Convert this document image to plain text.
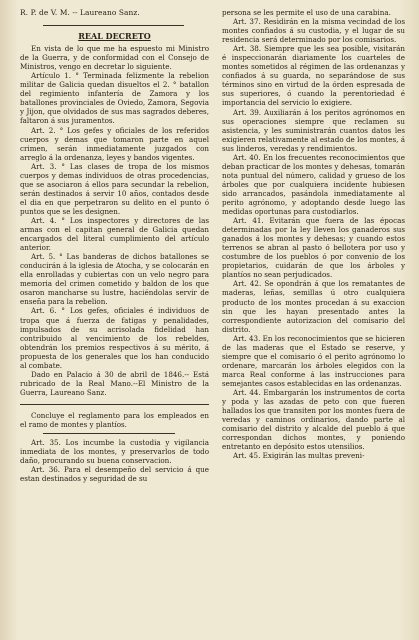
R. P. de V. M. -- Laureano Sanz.
REAL DECRETO

En vista de lo que me ha espuesto mi Ministro de la Guerra, y de conformidad con el Consejo de Ministros, vengo en decretar lo siguiente.

Artículo 1. ° Terminada felizmente la rebelion militar de Galicia quedan disueltos el 2. ° batallon del regimiento infantería de Zamora y los batallones provinciales de Oviedo, Zamora, Segovia y Jijon, que olvidados de sus mas sagrados deberes, faltaron á sus juramentos.

Art. 2. ° Los gefes y oficiales de los referidos cuerpos y demas que tomaron parte en aquel crimen, serán inmediatamente juzgados con arreglo á la ordenanza, leyes y bandos vigentes.

Art. 3. ° Las clases de tropa de los mismos cuerpos y demas individuos de otras procedencias, que se asociaron á ellos para secundar la rebelion, serán destinados á servir 10 años, contados desde el dia en que perpetraron su delito en el punto ó puntos que se les designen.

Art. 4. ° Los inspectores y directores de las armas con el capitan general de Galicia quedan encargados del literal cumplimiento del artículo anterior.

Art. 5. ° Las banderas de dichos batallones se conducirán á la iglesia de Atocha, y se colocarán en ella enrolladas y cubiertas con un velo negro para memoria del crimen cometido y baldon de los que osaron mancharse su lustre, haciéndolas servir de enseña para la rebelion.

Art. 6. ° Los gefes, oficiales é individuos de tropa que á fuerza de fatigas y penalidades, impulsados de su acrisolada fidelidad han contribuido al vencimiento de los rebeldes, obtendrán los premios respectivos á su mérito, á propuesta de los generales que los han conducido al combate.

Dado en Palacio á 30 de abril de 1846.-- Está rubricado de la Real Mano.--El Ministro de la Guerra, Laureano Sanz.

Concluye el reglamento para los empleados en el ramo de montes y plantíos.

Art. 35. Los incumbe la custodia y vigilancia inmediata de los montes, y preservarlos de todo daño, procurando su buena conservacion.

Art. 36. Para el desempeño del servicio á que estan destinados y seguridad de su

persona se les permite el uso de una carabina.

Art. 37. Residirán en la misma vecindad de los montes confiados á su custodia, y el lugar de su residencia será determinado por los comisarios.

Art. 38. Siempre que les sea posible, visitarán é inspeccionarán diariamente los cuarteles de montes sometidos al régimen de las ordenanzas y confiados á su guarda, no separándose de sus términos sino en virtud de la órden espresada de sus superiores, ó cuando la perentoriedad é importancia del servicio lo exigiere.

Art. 39. Auxiliarán á los peritos agrónomos en sus operaciones siempre que reclamen su asistencia, y les suministrarán cuantos datos les exigieren relativamente al estado de los montes, á sus linderos, veredas y rendimientos.

Art. 40. En los frecuentes reconocimientos que deban practicar de los montes y dehesas, tomarán nota puntual del número, calidad y grueso de los árboles que por cualquiera incidente hubiesen sido arrancados, pasándola inmediatamente al perito agrónomo, y adoptando desde luego las medidas oportunas para custodiarlos.

Art. 41. Evitarán que fuera de las épocas determinadas por la ley lleven los ganaderos sus ganados á los montes y dehesas; y cuando estos terrenos se abran al pasto ó bellotera por uso y costumbre de los pueblos ó por convenio de los propietarios, cuidarán de que los árboles y plantíos no sean perjudicados.

Art. 42. Se opondrán á que los rematantes de maderas, leñas, semillas ú otro cualquiera producto de los montes procedan á su exaccion sin que les hayan presentado antes la correspondiente autorizacion del comisario del distrito.

Art. 43. En los reconocimientos que se hicieren de las maderas que el Estado se reserve, y siempre que el comisario ó el perito agrónomo lo ordenare, marcarán los árboles elegidos con la marca Real conforme á las instrucciones para semejantes casos establecidas en las ordenanzas.

Art. 44. Embargarán los instrumentos de corta y poda y las azadas de peto con que fueren hallados los que transiten por los montes fuera de veredas y caminos ordinarios, dando parte al comisario del distrito y alcalde del pueblo á que correspondan dichos montes, y poniendo entretanto en depósito estos utensilios.

Art. 45. Exigirán las multas preveni-
